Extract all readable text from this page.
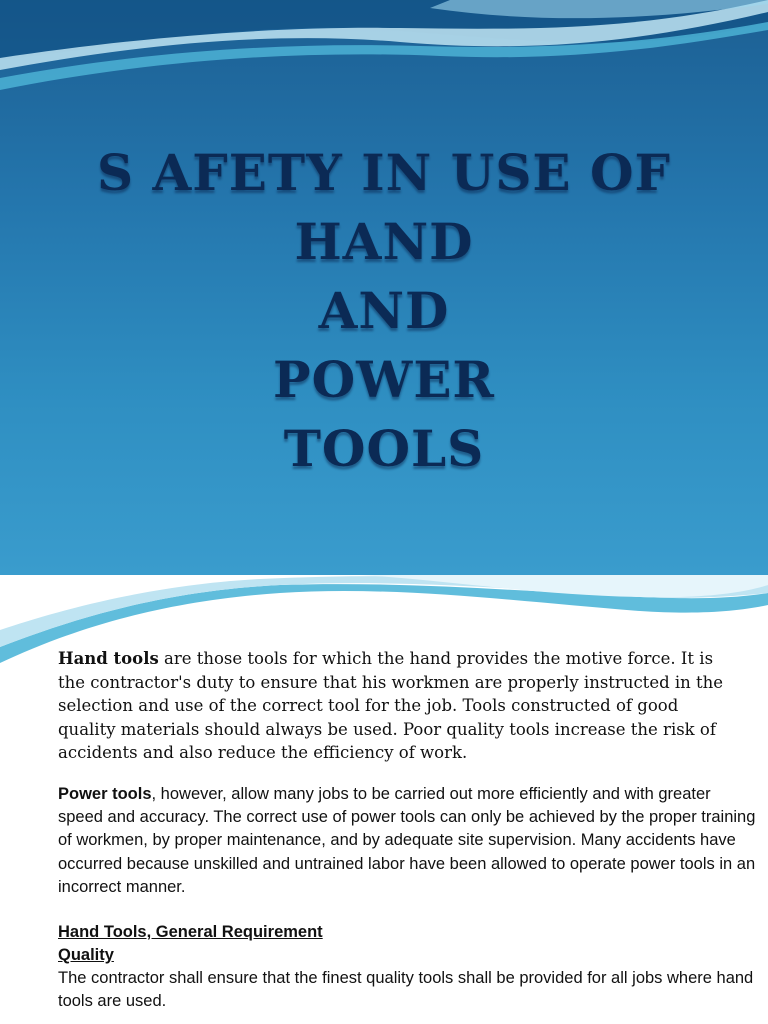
S AFETY IN USE OF
HAND
AND
POWER
TOOLS

Hand tools are those tools for which the hand provides the motive force. It is the contractor's duty to ensure that his workmen are properly instructed in the selection and use of the correct tool for the job. Tools constructed of good quality materials should always be used. Poor quality tools increase the risk of accidents and also reduce the efficiency of work.

Power tools, however, allow many jobs to be carried out more efficiently and with greater speed and accuracy. The correct use of power tools can only be achieved by the proper training of workmen, by proper maintenance, and by adequate site supervision. Many accidents have occurred because unskilled and untrained labor have been allowed to operate power tools in an incorrect manner.

Hand Tools, General Requirement

Quality

The contractor shall ensure that the finest quality tools shall be provided for all jobs where hand tools are used.
